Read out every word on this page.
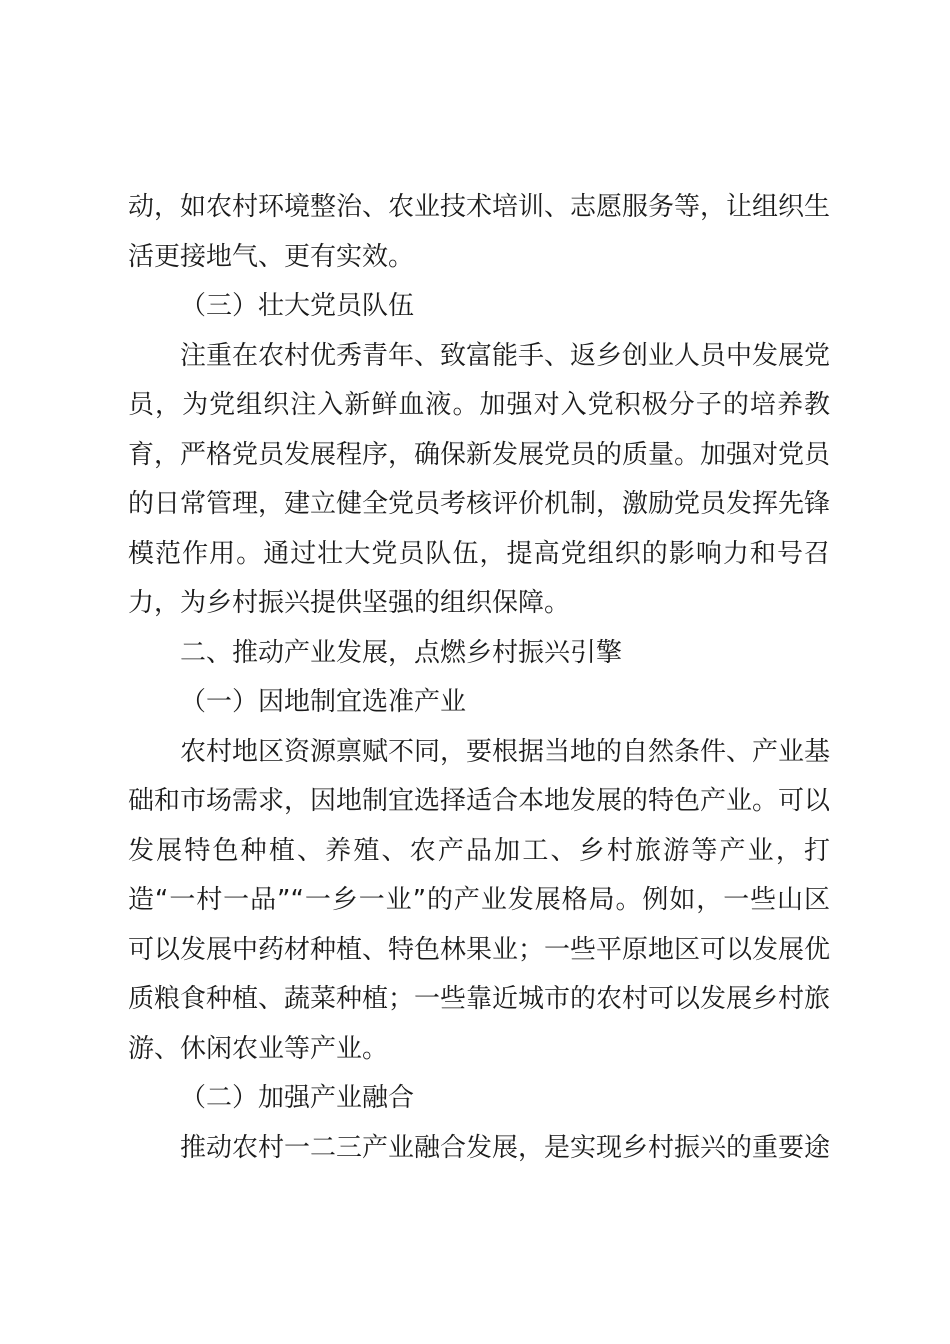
动，如农村环境整治、农业技术培训、志愿服务等，让组织生活更接地气、更有实效。

（三）壮大党员队伍

注重在农村优秀青年、致富能手、返乡创业人员中发展党员，为党组织注入新鲜血液。加强对入党积极分子的培养教育，严格党员发展程序，确保新发展党员的质量。加强对党员的日常管理，建立健全党员考核评价机制，激励党员发挥先锋模范作用。通过壮大党员队伍，提高党组织的影响力和号召力，为乡村振兴提供坚强的组织保障。

二、推动产业发展，点燃乡村振兴引擎

（一）因地制宜选准产业

农村地区资源禀赋不同，要根据当地的自然条件、产业基础和市场需求，因地制宜选择适合本地发展的特色产业。可以发展特色种植、养殖、农产品加工、乡村旅游等产业，打造“一村一品”“一乡一业”的产业发展格局。例如，一些山区可以发展中药材种植、特色林果业；一些平原地区可以发展优质粮食种植、蔬菜种植；一些靠近城市的农村可以发展乡村旅游、休闲农业等产业。

（二）加强产业融合

推动农村一二三产业融合发展，是实现乡村振兴的重要途
